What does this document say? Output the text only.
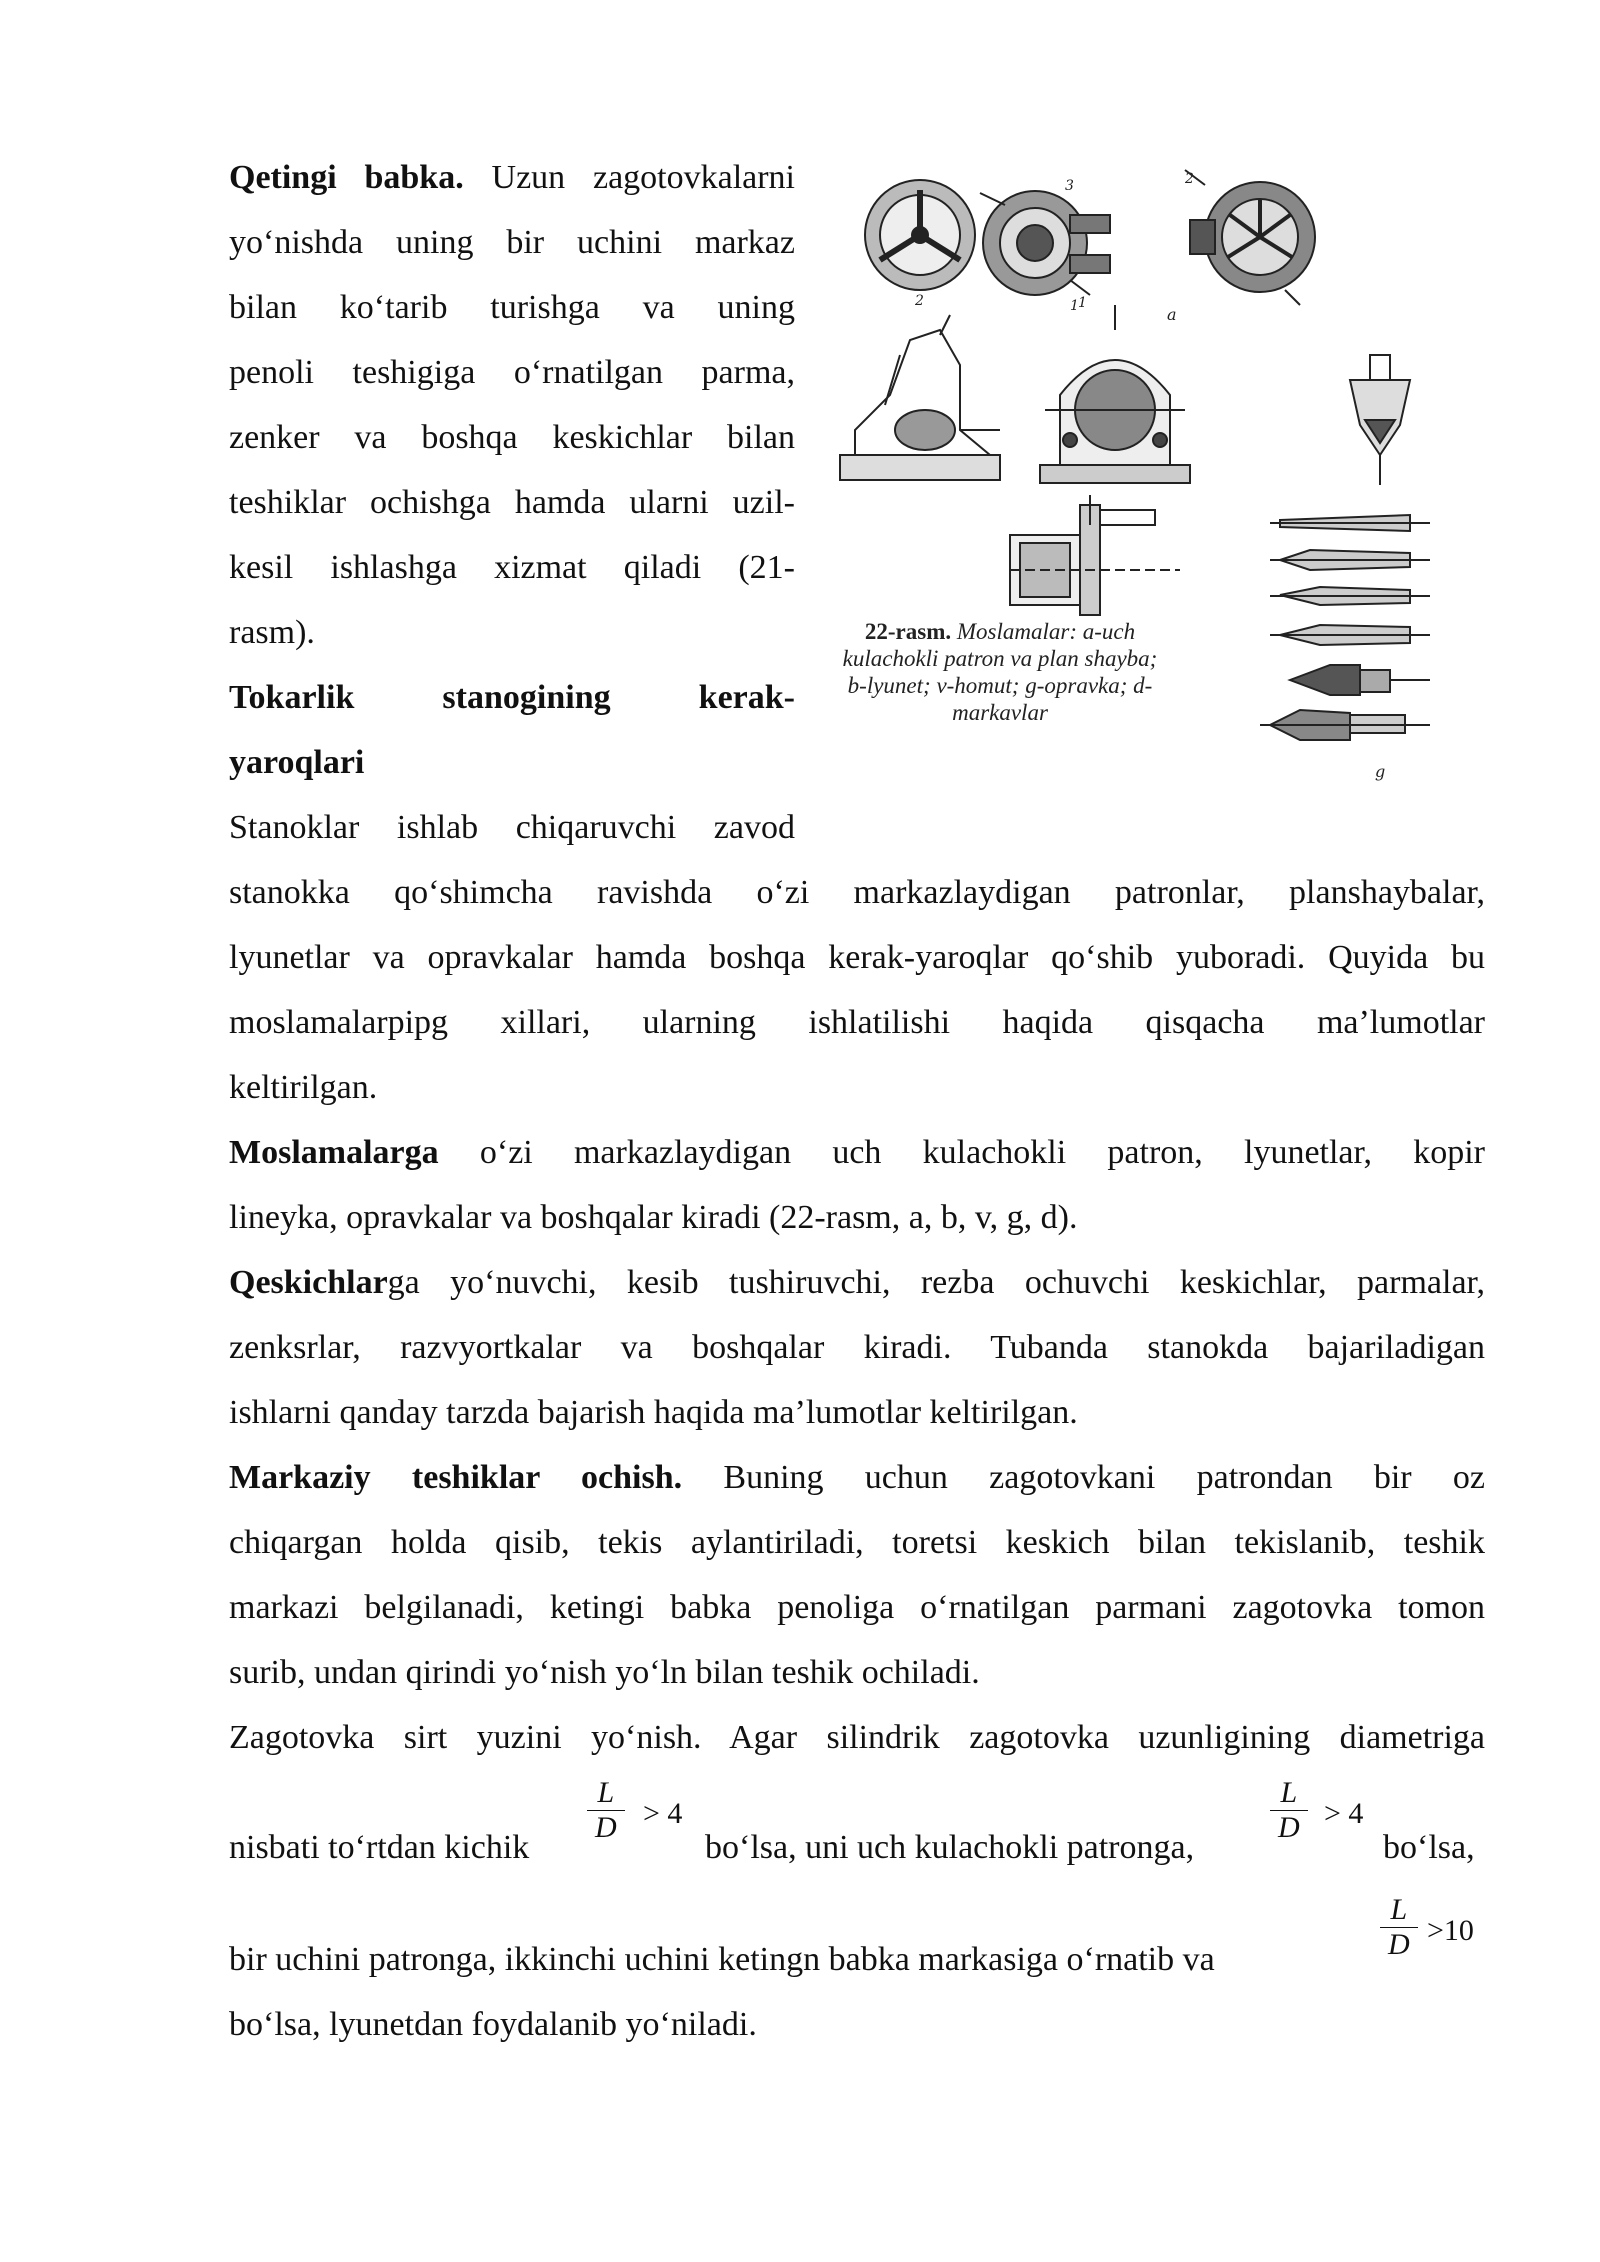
Qetingi babka. Uzun zagotovkalarni
yo‘nishda uning bir uchini markaz
bilan ko‘tarib turishga va uning
penoli teshigiga o‘rnatilgan parma,
zenker va boshqa keskichlar bilan
teshiklar ochishga hamda ularni uzil-
kesil ishlashga xizmat qiladi (21-
rasm).
Tokarlik stanogining kerak-
yaroqlari
Stanoklar ishlab chiqaruvchi zavod
a
g
1 1
2
2
3
22-rasm. Moslamalar: a-uch kulachokli patron va plan shayba; b-lyunet; v-homut; g-opravka; d-markavlar
stanokka qo‘shimcha ravishda o‘zi markazlaydigan patronlar, planshaybalar,
lyunetlar va opravkalar hamda boshqa kerak-yaroqlar qo‘shib yuboradi. Quyida bu
moslamalarpipg xillari, ularning ishlatilishi haqida qisqacha ma’lumotlar
keltirilgan.
Moslamalarga o‘zi markazlaydigan uch kulachokli patron, lyunetlar, kopir
lineyka, opravkalar va boshqalar kiradi (22-rasm, a, b, v, g, d).
Qeskichlarga yo‘nuvchi, kesib tushiruvchi, rezba ochuvchi keskichlar, parmalar,
zenksrlar, razvyortkalar va boshqalar kiradi. Tubanda stanokda bajariladigan
ishlarni qanday tarzda bajarish haqida ma’lumotlar keltirilgan.
Markaziy teshiklar ochish. Buning uchun zagotovkani patrondan bir oz
chiqargan holda qisib, tekis aylantiriladi, toretsi keskich bilan tekislanib, teshik
markazi belgilanadi, ketingi babka penoliga o‘rnatilgan parmani zagotovka tomon
surib, undan qirindi yo‘nish yo‘ln bilan teshik ochiladi.
Zagotovka sirt yuzini yo‘nish. Agar silindrik zagotovka uzunligining diametriga
nisbati to‘rtdan kichik
$\frac{L}{D} > 4$
bo‘lsa, uni uch kulachokli patronga,
$\frac{L}{D} > 4$
bo‘lsa,
bir uchini patronga, ikkinchi uchini ketingn babka markasiga o‘rnatib va	$\frac{L}{D} >10$
bo‘lsa, lyunetdan foydalanib yo‘niladi.
